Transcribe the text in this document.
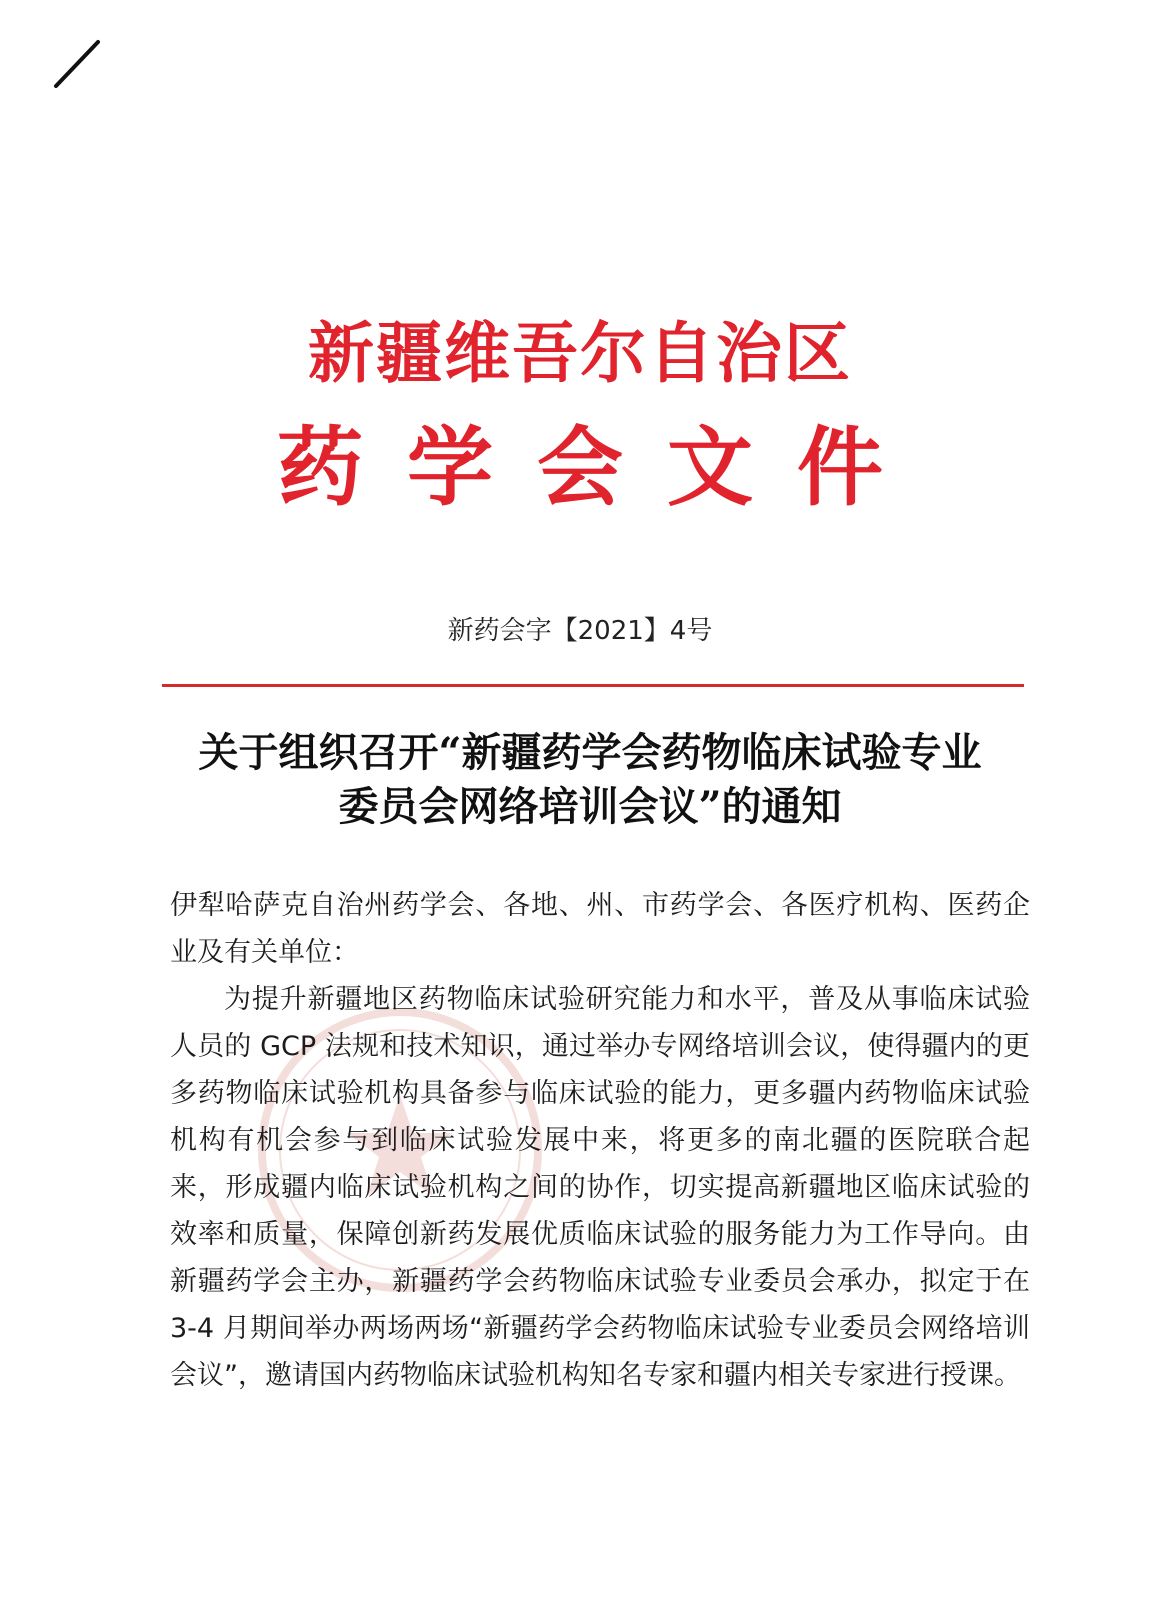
新疆维吾尔自治区
药学会文件
新药会字【2021】4号
关于组织召开“新疆药学会药物临床试验专业
委员会网络培训会议”的通知

伊犁哈萨克自治州药学会、各地、州、市药学会、各医疗机构、医药企业及有关单位：

为提升新疆地区药物临床试验研究能力和水平，普及从事临床试验人员的 GCP 法规和技术知识，通过举办专网络培训会议，使得疆内的更多药物临床试验机构具备参与临床试验的能力，更多疆内药物临床试验机构有机会参与到临床试验发展中来，将更多的南北疆的医院联合起来，形成疆内临床试验机构之间的协作，切实提高新疆地区临床试验的效率和质量，保障创新药发展优质临床试验的服务能力为工作导向。由新疆药学会主办，新疆药学会药物临床试验专业委员会承办，拟定于在 3-4 月期间举办两场两场“新疆药学会药物临床试验专业委员会网络培训会议”，邀请国内药物临床试验机构知名专家和疆内相关专家进行授课。
